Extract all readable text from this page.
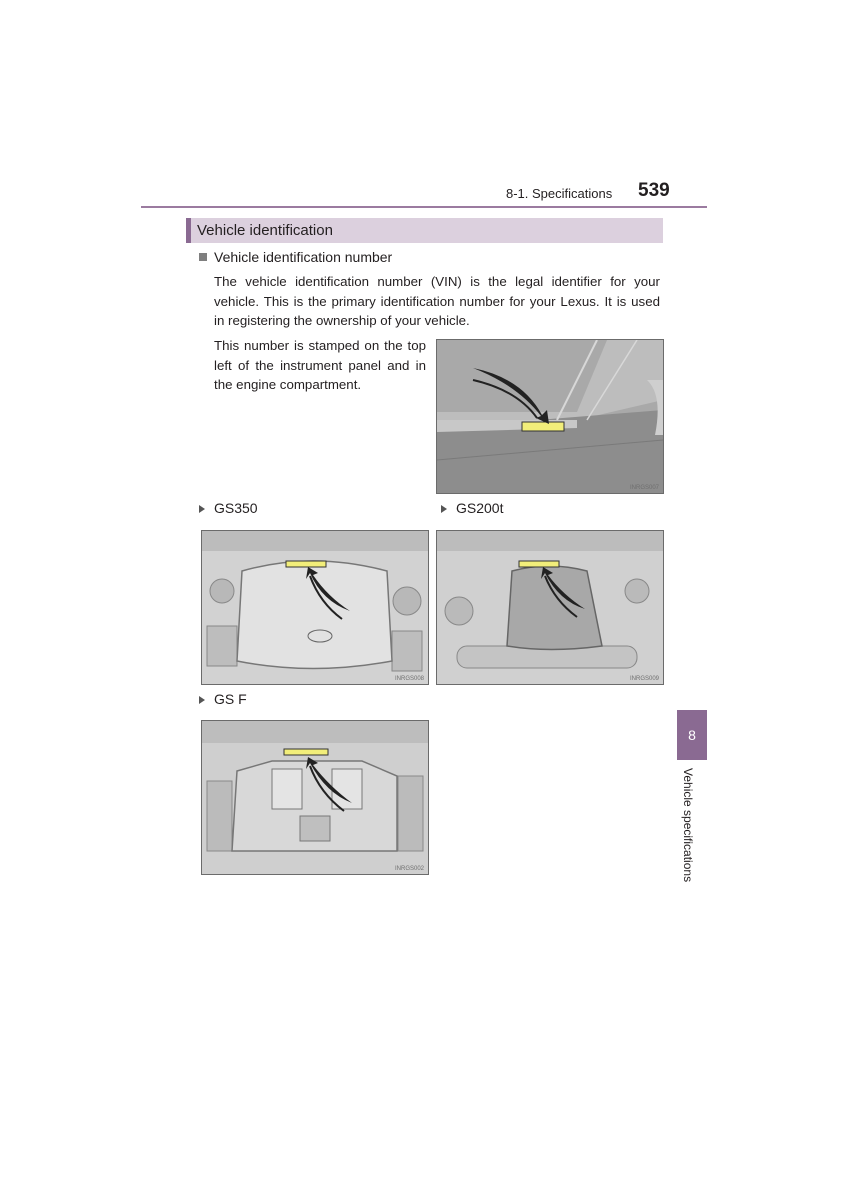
8-1. Specifications 539
Vehicle identification
Vehicle identification number
The vehicle identification number (VIN) is the legal identifier for your vehicle. This is the primary identification number for your Lexus. It is used in registering the ownership of your vehicle.
This number is stamped on the top left of the instrument panel and in the engine compartment.
INRGS007
GS350	GS200t
INRGS008	INRGS009
GS F
INRGS002
8
Vehicle specifications
